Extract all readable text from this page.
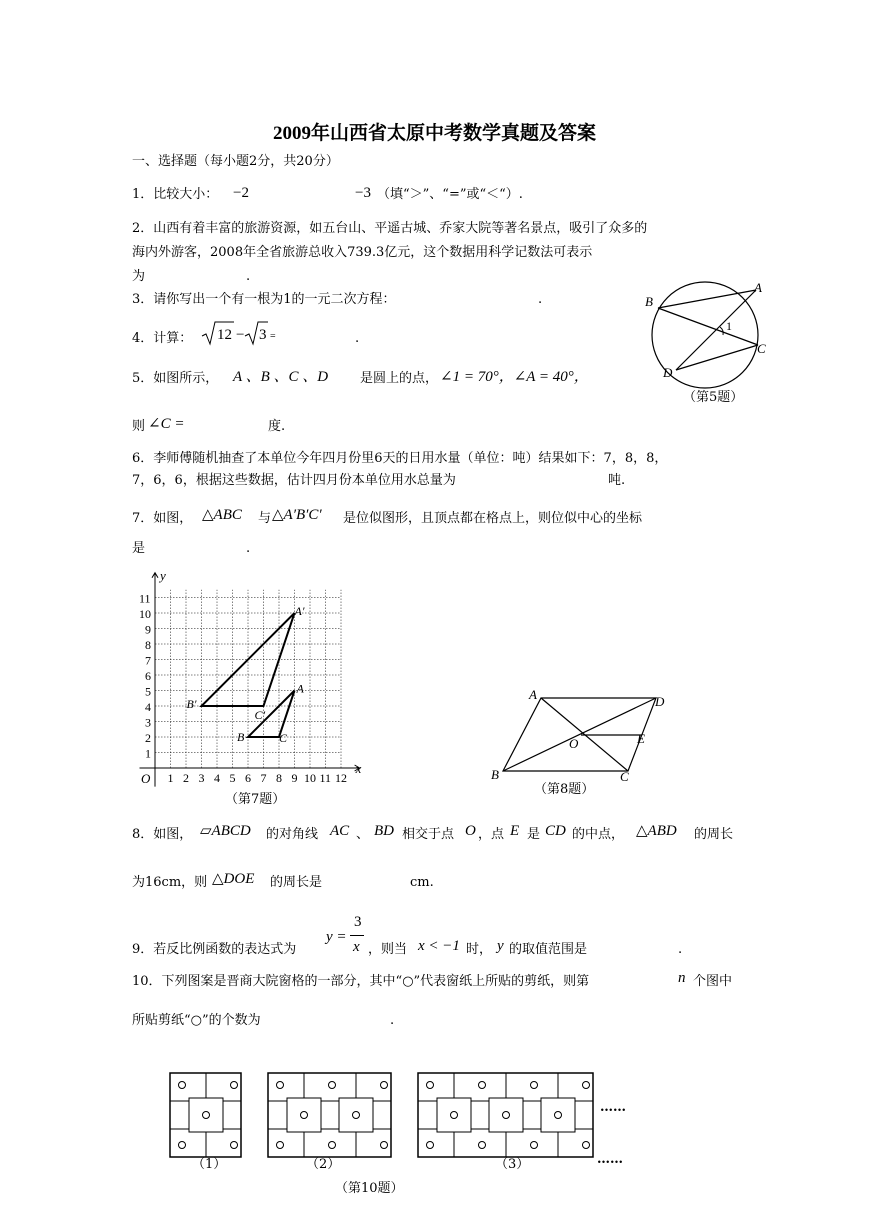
2009年山西省太原中考数学真题及答案
一、选择题（每小题2分，共20分）
1．比较大小： −2	−3 （填“＞”、“=”或“＜“）.
2．山西有着丰富的旅游资源，如五台山、平遥古城、乔家大院等著名景点，吸引了众多的
海内外游客，2008年全省旅游总收入739.3亿元，这个数据用科学记数法可表示
为	.
3．请你写出一个有一根为1的一元二次方程：	.
4．计算： 12 − 3 =	.
5．如图所示， A 、B 、C 、D 是圆上的点， ∠1 = 70°，∠A = 40°，
则 ∠C =	度.
B
A
C
D
1
（第5题）
6．李师傅随机抽查了本单位今年四月份里6天的日用水量（单位：吨）结果如下：7，8，8，
7，6，6，根据这些数据，估计四月份本单位用水总量为	吨.
7．如图， △ABC 与 △A′B′C′ 是位似图形，且顶点都在格点上，则位似中心的坐标
是	.
1 2 3 4 5 6 7 8 9 10 11 12
1
2
3
4
5
6
7
8
9
10
11
O
x
y
A′
B′
C′
A
B	C
（第7题）
A	D
O	E
B	C
（第8题）
8．如图， ▱ABCD 的对角线 AC 、 BD 相交于点 O ，点 E 是 CD 的中点， △ABD 的周长
为16cm，则 △DOE 的周长是	cm.
9．若反比例函数的表达式为
y =
3
x ，则当 x < −1 时， y 的取值范围是	.
10．下列图案是晋商大院窗格的一部分，其中“○”代表窗纸上所贴的剪纸，则第	n 个图中
所贴剪纸“○”的个数为	.
（1）	（2）	（3）
……
……
（第10题）
